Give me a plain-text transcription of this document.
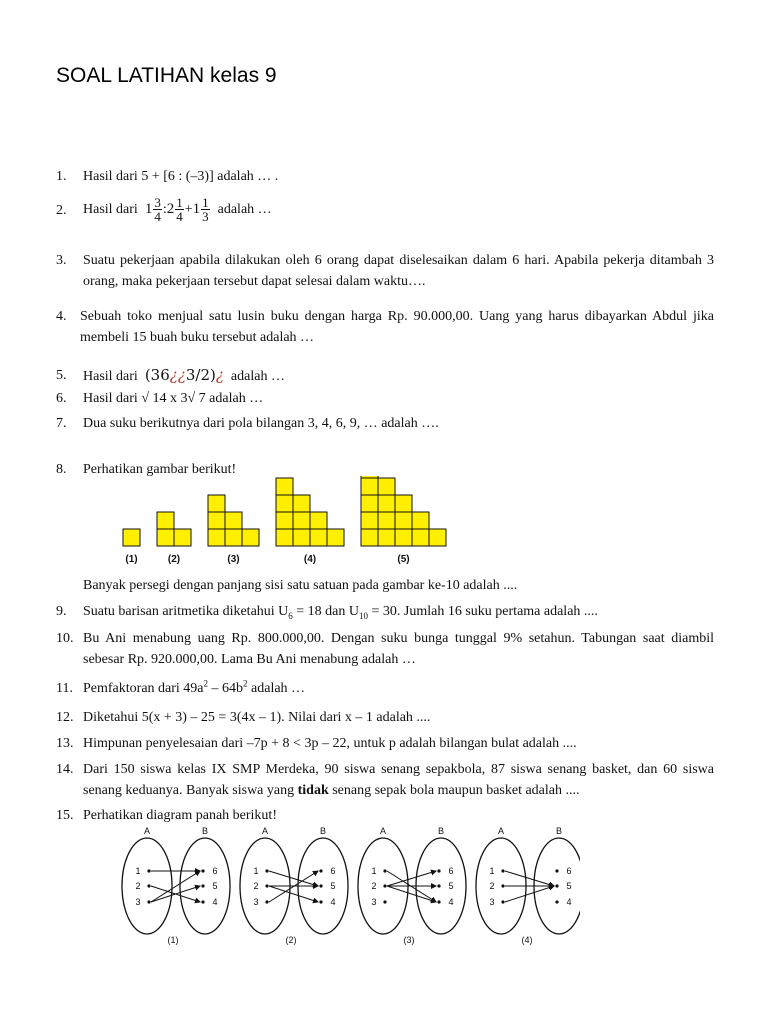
SOAL LATIHAN kelas 9
1. Hasil dari 5 + [6 : (–3)] adalah … .
2. Hasil dari $1 \frac{3}{4}$ :2 $\frac{1}{4} +1 \frac{1}{3}$ adalah …
3. Suatu pekerjaan apabila dilakukan oleh 6 orang dapat diselesaikan dalam 6 hari. Apabila pekerja ditambah 3 orang, maka pekerjaan tersebut dapat selesai dalam waktu….
4. Sebuah toko menjual satu lusin buku dengan harga Rp. 90.000,00. Uang yang harus dibayarkan Abdul jika membeli 15 buah buku tersebut adalah …
5. Hasil dari (36¿¿3/2)¿ adalah …
6. Hasil dari √ 14 x 3√ 7 adalah …
7. Dua suku berikutnya dari pola bilangan 3, 4, 6, 9, … adalah ….
8. Perhatikan gambar berikut!
(1)	(2)	(3)	(4)	(5)
Banyak persegi dengan panjang sisi satu satuan pada gambar ke-10 adalah ....
9. Suatu barisan aritmetika diketahui $U_6 = 18$ dan $U_{10} = 30$. Jumlah 16 suku pertama adalah ....
10. Bu Ani menabung uang Rp. 800.000,00. Dengan suku bunga tunggal 9% setahun. Tabungan saat diambil sebesar Rp. 920.000,00. Lama Bu Ani menabung adalah …
11. Pemfaktoran dari $49a^2 - 64b^2$ adalah …
12. Diketahui 5(x + 3) – 25 = 3(4x – 1). Nilai dari x – 1 adalah ....
13. Himpunan penyelesaian dari –7p + 8 < 3p – 22, untuk p adalah bilangan bulat adalah ....
14. Dari 150 siswa kelas IX SMP Merdeka, 90 siswa senang sepakbola, 87 siswa senang basket, dan 60 siswa senang keduanya. Banyak siswa yang tidak senang sepak bola maupun basket adalah ....
15. Perhatikan diagram panah berikut!
A	B
1
2
3
6
5
4
(1)
A	B
1
2
3
6
5
4
(2)
A	B
1
2
3
6
5
4
(3)
A	B
1
2
3
6
5
4
(4)
